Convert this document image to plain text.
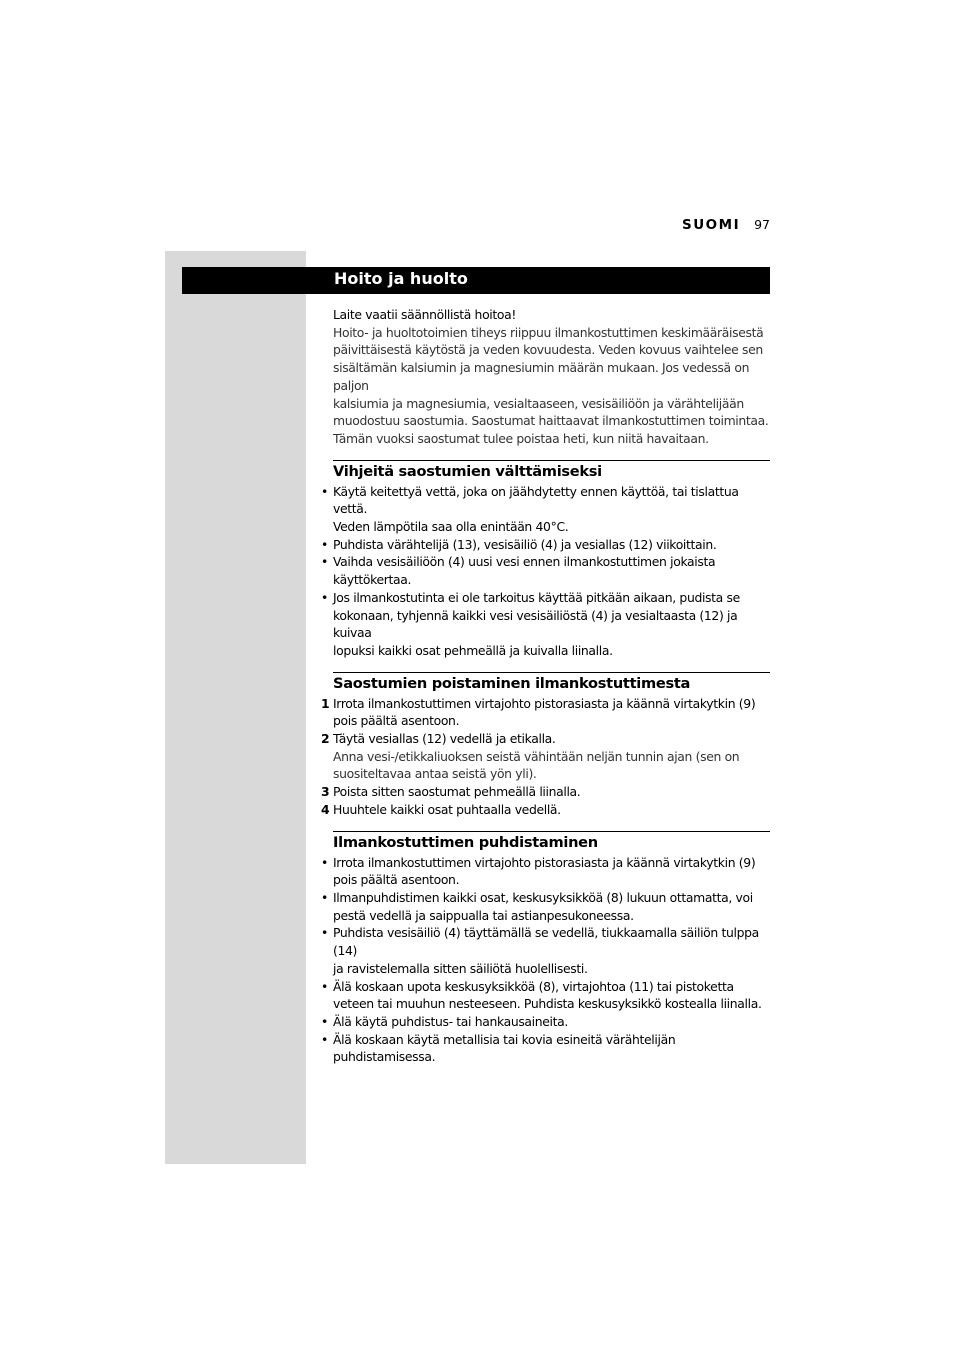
SUOMI 97
Hoito ja huolto

Laite vaatii säännöllistä hoitoa!

Hoito- ja huoltotoimien tiheys riippuu ilmankostuttimen keskimääräisestä
päivittäisestä käytöstä ja veden kovuudesta. Veden kovuus vaihtelee sen
sisältämän kalsiumin ja magnesiumin määrän mukaan. Jos vedessä on paljon
kalsiumia ja magnesiumia, vesialtaaseen, vesisäiliöön ja värähtelijään
muodostuu saostumia. Saostumat haittaavat ilmankostuttimen toimintaa.
Tämän vuoksi saostumat tulee poistaa heti, kun niitä havaitaan.

Vihjeitä saostumien välttämiseksi
• Käytä keitettyä vettä, joka on jäähdytetty ennen käyttöä, tai tislattua vettä.
Veden lämpötila saa olla enintään 40°C.
• Puhdista värähtelijä (13), vesisäiliö (4) ja vesiallas (12) viikoittain.
• Vaihda vesisäiliöön (4) uusi vesi ennen ilmankostuttimen jokaista
käyttökertaa.
• Jos ilmankostutinta ei ole tarkoitus käyttää pitkään aikaan, pudista se
kokonaan, tyhjennä kaikki vesi vesisäiliöstä (4) ja vesialtaasta (12) ja kuivaa
lopuksi kaikki osat pehmeällä ja kuivalla liinalla.
Saostumien poistaminen ilmankostuttimesta
1 Irrota ilmankostuttimen virtajohto pistorasiasta ja käännä virtakytkin (9)
pois päältä asentoon.
2 Täytä vesiallas (12) vedellä ja etikalla.
Anna vesi-/etikkaliuoksen seistä vähintään neljän tunnin ajan (sen on
suositeltavaa antaa seistä yön yli).
3 Poista sitten saostumat pehmeällä liinalla.
4 Huuhtele kaikki osat puhtaalla vedellä.
Ilmankostuttimen puhdistaminen
• Irrota ilmankostuttimen virtajohto pistorasiasta ja käännä virtakytkin (9)
pois päältä asentoon.
• Ilmanpuhdistimen kaikki osat, keskusyksikköä (8) lukuun ottamatta, voi
pestä vedellä ja saippualla tai astianpesukoneessa.
• Puhdista vesisäiliö (4) täyttämällä se vedellä, tiukkaamalla säiliön tulppa (14)
ja ravistelemalla sitten säiliötä huolellisesti.
• Älä koskaan upota keskusyksikköä (8), virtajohtoa (11) tai pistoketta
veteen tai muuhun nesteeseen. Puhdista keskusyksikkö kostealla liinalla.
• Älä käytä puhdistus- tai hankausaineita.
• Älä koskaan käytä metallisia tai kovia esineitä värähtelijän puhdistamisessa.
